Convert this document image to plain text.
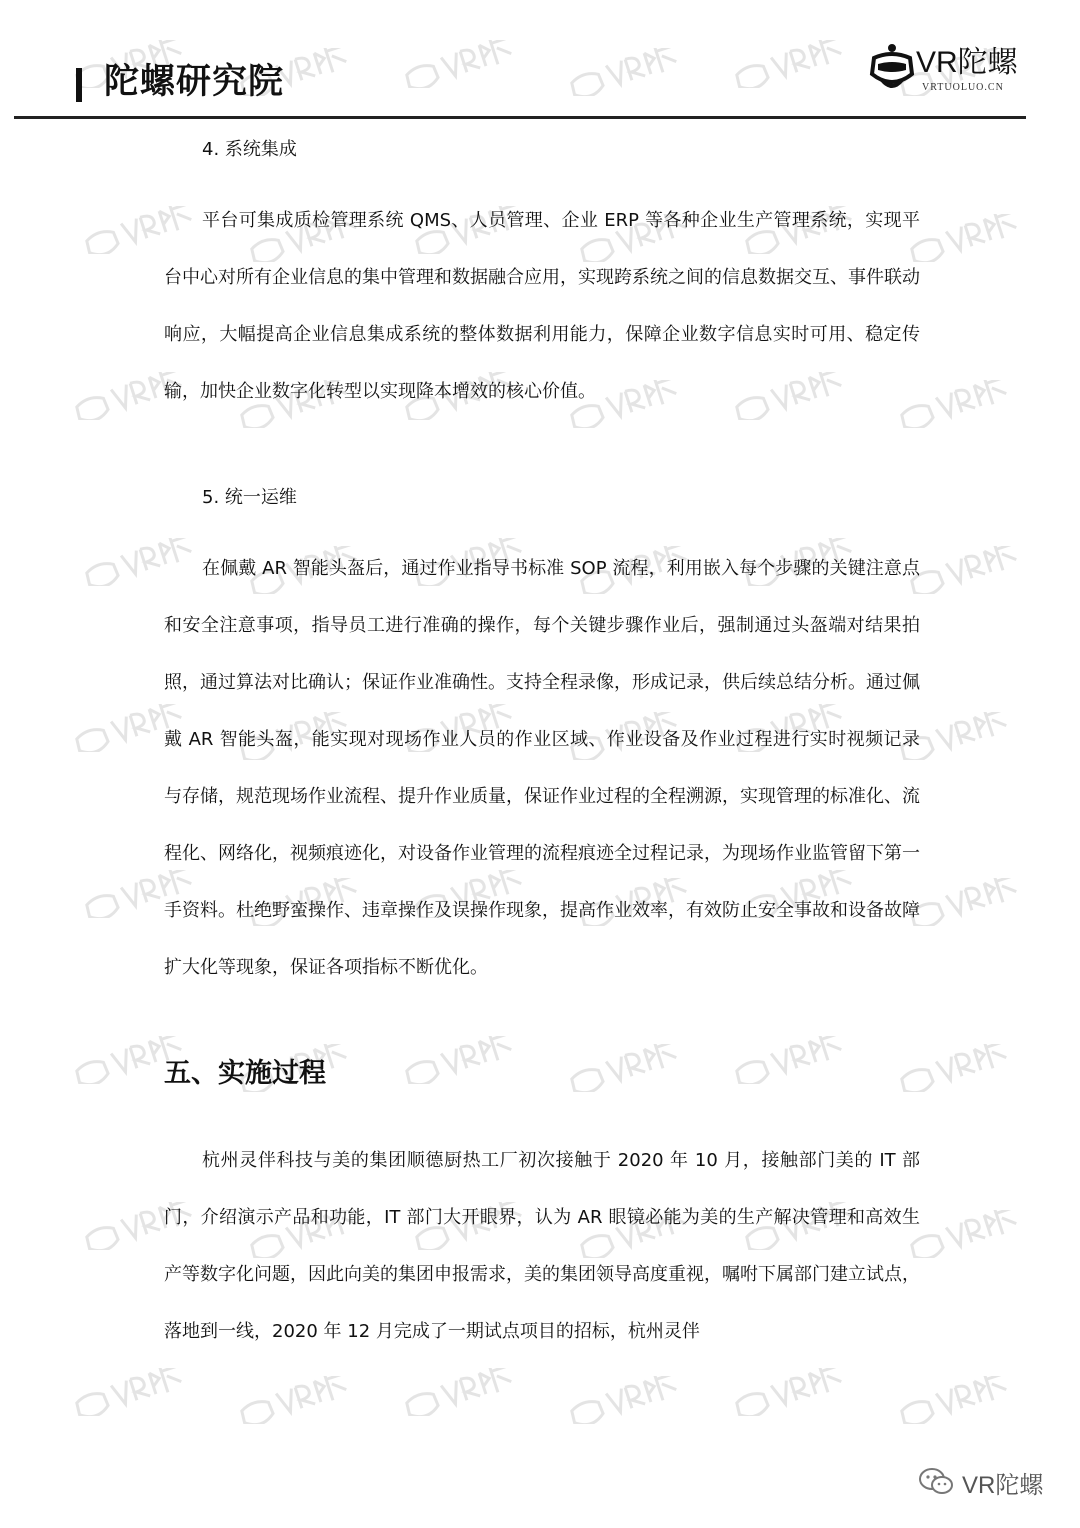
陀螺研究院	VR陀螺
VRTUOLUO.CN

4. 系统集成

平台可集成质检管理系统 QMS、人员管理、企业 ERP 等各种企业生产管理系统，实现平台中心对所有企业信息的集中管理和数据融合应用，实现跨系统之间的信息数据交互、事件联动响应，大幅提高企业信息集成系统的整体数据利用能力，保障企业数字信息实时可用、稳定传输，加快企业数字化转型以实现降本增效的核心价值。

5. 统一运维

在佩戴 AR 智能头盔后，通过作业指导书标准 SOP 流程，利用嵌入每个步骤的关键注意点和安全注意事项，指导员工进行准确的操作，每个关键步骤作业后，强制通过头盔端对结果拍照，通过算法对比确认；保证作业准确性。支持全程录像，形成记录，供后续总结分析。通过佩戴 AR 智能头盔，能实现对现场作业人员的作业区域、作业设备及作业过程进行实时视频记录与存储，规范现场作业流程、提升作业质量，保证作业过程的全程溯源，实现管理的标准化、流程化、网络化，视频痕迹化，对设备作业管理的流程痕迹全过程记录，为现场作业监管留下第一手资料。杜绝野蛮操作、违章操作及误操作现象，提高作业效率，有效防止安全事故和设备故障扩大化等现象，保证各项指标不断优化。

五、实施过程

杭州灵伴科技与美的集团顺德厨热工厂初次接触于 2020 年 10 月，接触部门美的 IT 部门，介绍演示产品和功能，IT 部门大开眼界，认为 AR 眼镜必能为美的生产解决管理和高效生产等数字化问题，因此向美的集团申报需求，美的集团领导高度重视，嘱咐下属部门建立试点，落地到一线，2020 年 12 月完成了一期试点项目的招标，杭州灵伴

VR陀螺
